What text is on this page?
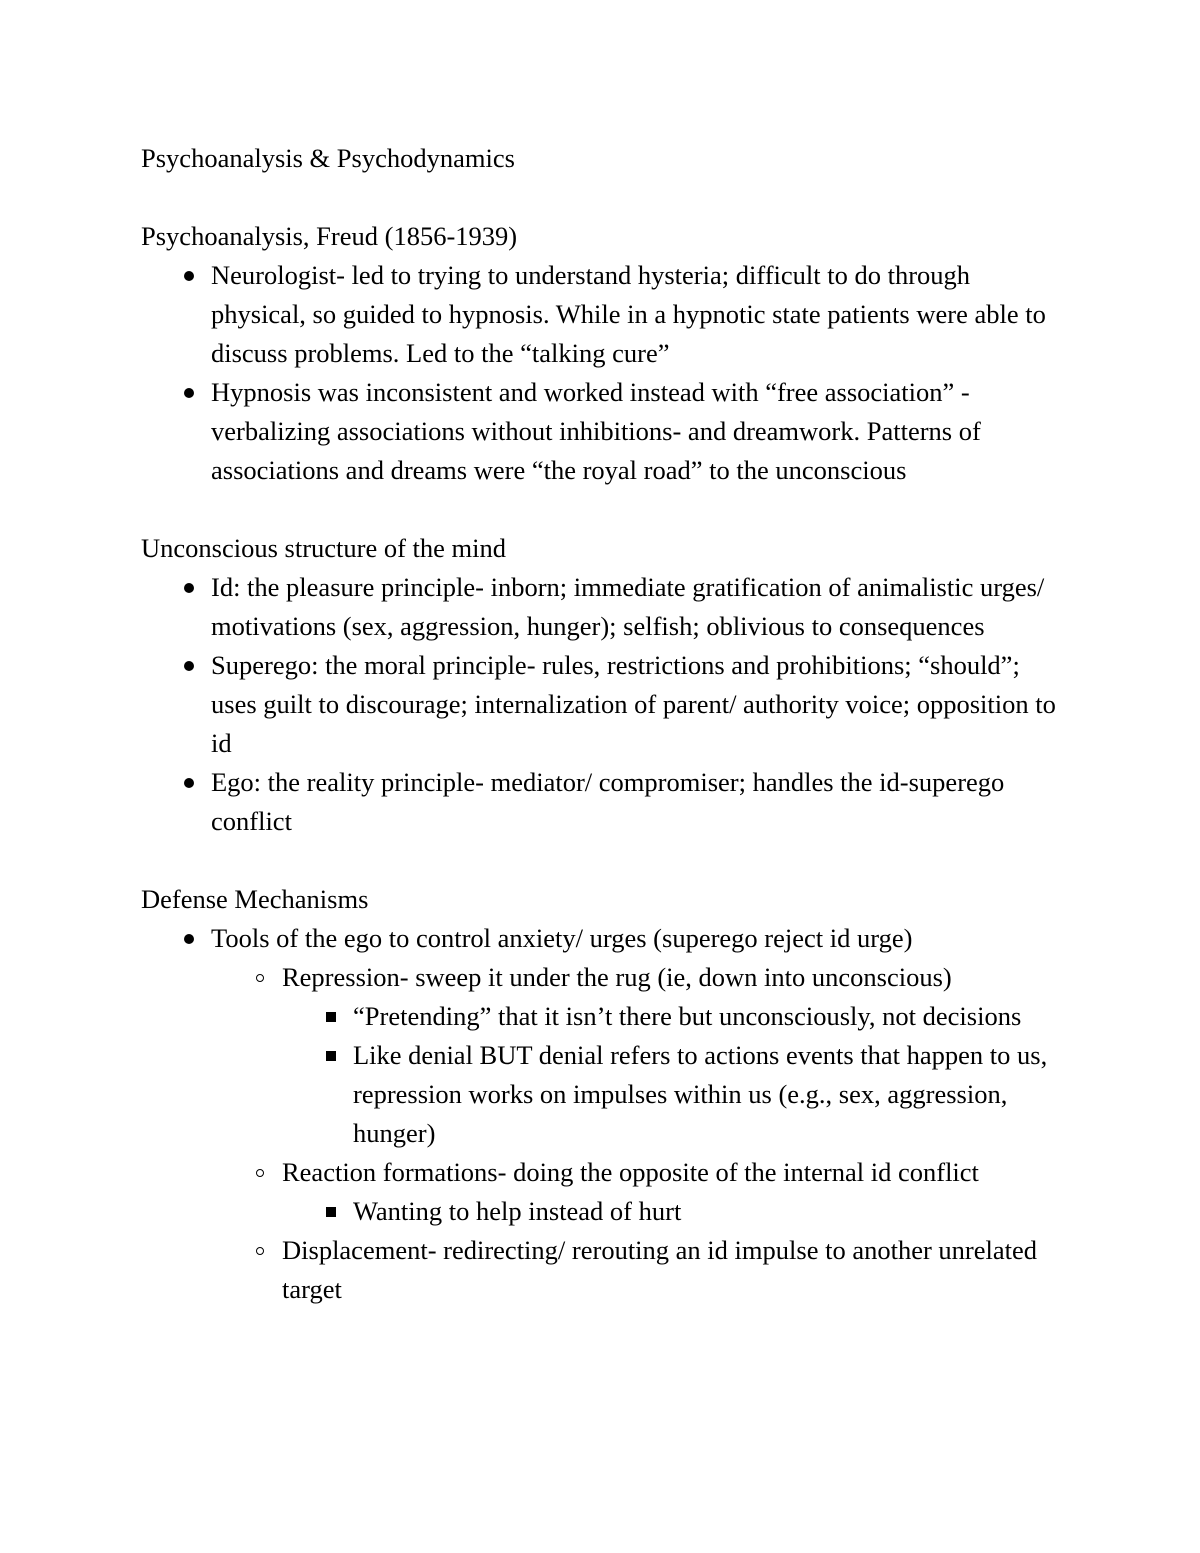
Psychoanalysis & Psychodynamics
Psychoanalysis, Freud (1856-1939)
Neurologist- led to trying to understand hysteria; difficult to do through physical, so guided to hypnosis. While in a hypnotic state patients were able to discuss problems. Led to the “talking cure”
Hypnosis was inconsistent and worked instead with “free association” - verbalizing associations without inhibitions- and dreamwork. Patterns of associations and dreams were “the royal road” to the unconscious
Unconscious structure of the mind
Id: the pleasure principle- inborn; immediate gratification of animalistic urges/ motivations (sex, aggression, hunger); selfish; oblivious to consequences
Superego: the moral principle- rules, restrictions and prohibitions; “should”; uses guilt to discourage; internalization of parent/ authority voice; opposition to id
Ego: the reality principle- mediator/ compromiser; handles the id-superego conflict
Defense Mechanisms
Tools of the ego to control anxiety/ urges (superego reject id urge)
Repression- sweep it under the rug (ie, down into unconscious)
“Pretending” that it isn’t there but unconsciously, not decisions
Like denial BUT denial refers to actions events that happen to us, repression works on impulses within us (e.g., sex, aggression, hunger)
Reaction formations- doing the opposite of the internal id conflict
Wanting to help instead of hurt
Displacement- redirecting/ rerouting an id impulse to another unrelated target
